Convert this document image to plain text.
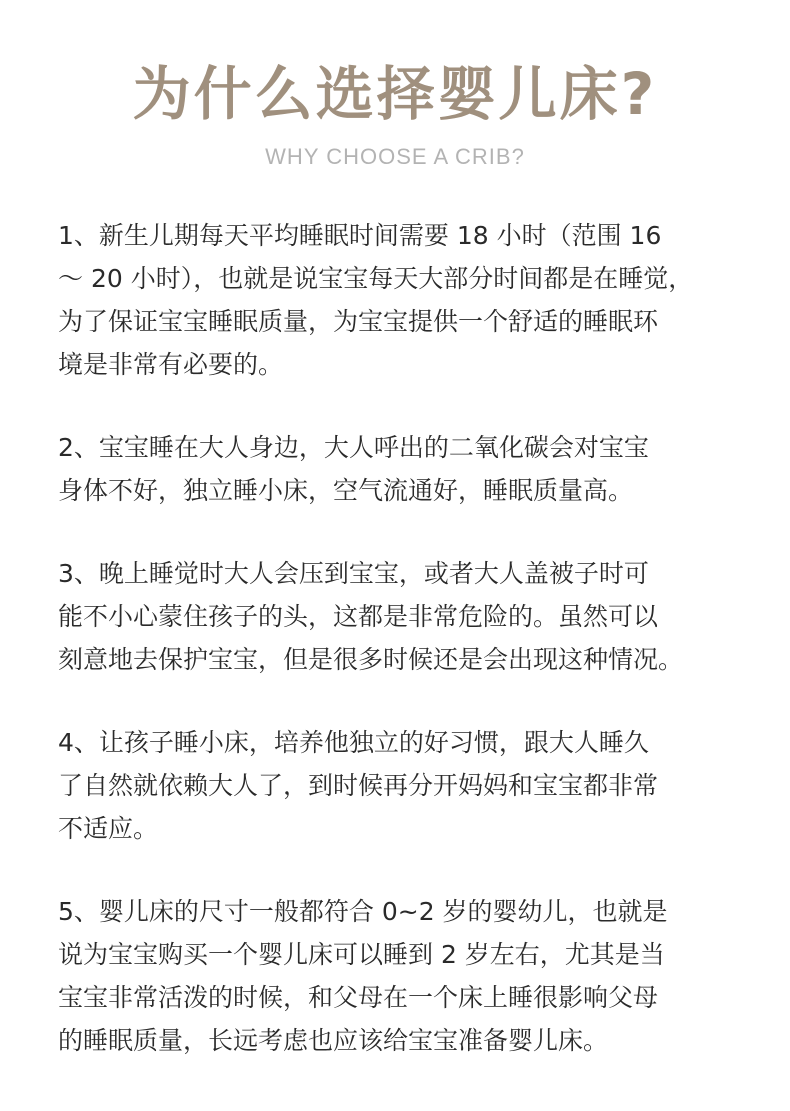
为什么选择婴儿床?
WHY CHOOSE A CRIB?

1、新生儿期每天平均睡眠时间需要 18 小时（范围 16
～ 20 小时），也就是说宝宝每天大部分时间都是在睡觉，
为了保证宝宝睡眠质量，为宝宝提供一个舒适的睡眠环
境是非常有必要的。

2、宝宝睡在大人身边，大人呼出的二氧化碳会对宝宝
身体不好，独立睡小床，空气流通好，睡眠质量高。

3、晚上睡觉时大人会压到宝宝，或者大人盖被子时可
能不小心蒙住孩子的头，这都是非常危险的。虽然可以
刻意地去保护宝宝，但是很多时候还是会出现这种情况。

4、让孩子睡小床，培养他独立的好习惯，跟大人睡久
了自然就依赖大人了，到时候再分开妈妈和宝宝都非常
不适应。

5、婴儿床的尺寸一般都符合 0~2 岁的婴幼儿，也就是
说为宝宝购买一个婴儿床可以睡到 2 岁左右，尤其是当
宝宝非常活泼的时候，和父母在一个床上睡很影响父母
的睡眠质量，长远考虑也应该给宝宝准备婴儿床。
